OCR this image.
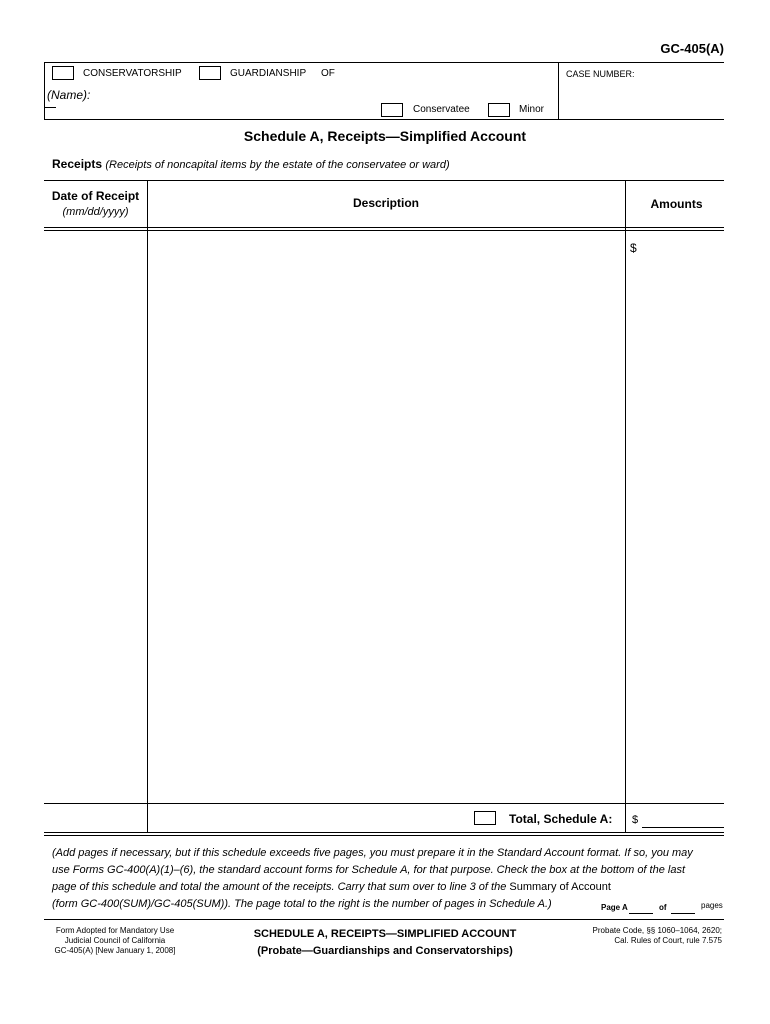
GC-405(A)
CONSERVATORSHIP	GUARDIANSHIP OF
(Name):
Conservatee	Minor
CASE NUMBER:
Schedule A, Receipts—Simplified Account
Receipts (Receipts of noncapital items by the estate of the conservatee or ward)
Date of Receipt
(mm/dd/yyyy)
Description	Amounts
$
Total, Schedule A: $
(Add pages if necessary, but if this schedule exceeds five pages, you must prepare it in the Standard Account format. If so, you may
use Forms GC-400(A)(1)–(6), the standard account forms for Schedule A, for that purpose. Check the box at the bottom of the last
page of this schedule and total the amount of the receipts. Carry that sum over to line 3 of the Summary of Account
(form GC-400(SUM)/GC-405(SUM)). The page total to the right is the number of pages in Schedule A.)	Page A	of	pages
Form Adopted for Mandatory Use
Judicial Council of California
GC-405(A) [New January 1, 2008]
SCHEDULE A, RECEIPTS—SIMPLIFIED ACCOUNT
(Probate—Guardianships and Conservatorships)
Probate Code, §§ 1060–1064, 2620;
Cal. Rules of Court, rule 7.575
